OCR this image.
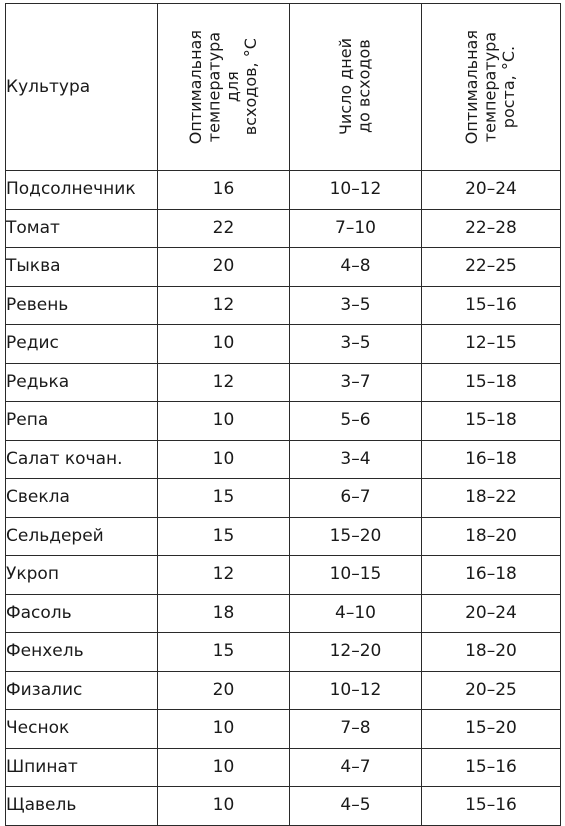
Культура	Оптимальная
температура
для
всходов, °С	Число дней
до всходов	Оптимальная
температура
роста, °С.

Подсолнечник	16	10–12	20–24
Томат	22	7–10	22–28
Тыква	20	4–8	22–25
Ревень	12	3–5	15–16
Редис	10	3–5	12–15
Редька	12	3–7	15–18
Репа	10	5–6	15–18
Салат кочан.	10	3–4	16–18
Свекла	15	6–7	18–22
Сельдерей	15	15–20	18–20
Укроп	12	10–15	16–18
Фасоль	18	4–10	20–24
Фенхель	15	12–20	18–20
Физалис	20	10–12	20–25
Чеснок	10	7–8	15–20
Шпинат	10	4–7	15–16
Щавель	10	4–5	15–16
